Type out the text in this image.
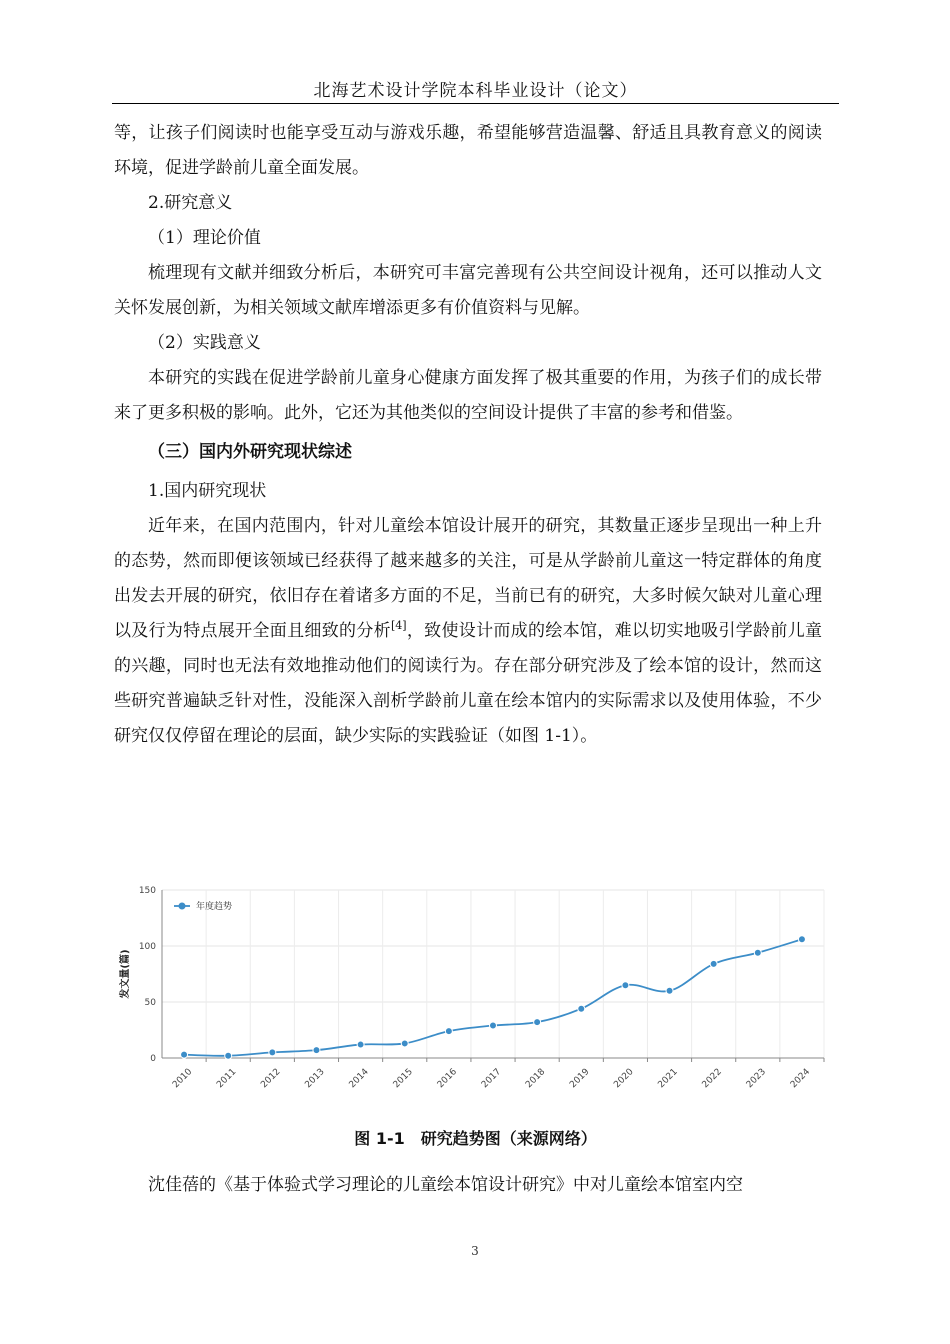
北海艺术设计学院本科毕业设计（论文）

等，让孩子们阅读时也能享受互动与游戏乐趣，希望能够营造温馨、舒适且具教育意义的阅读环境，促进学龄前儿童全面发展。

2.研究意义

（1）理论价值

梳理现有文献并细致分析后，本研究可丰富完善现有公共空间设计视角，还可以推动人文关怀发展创新，为相关领域文献库增添更多有价值资料与见解。

（2）实践意义

本研究的实践在促进学龄前儿童身心健康方面发挥了极其重要的作用，为孩子们的成长带来了更多积极的影响。此外，它还为其他类似的空间设计提供了丰富的参考和借鉴。

（三）国内外研究现状综述

1.国内研究现状

近年来，在国内范围内，针对儿童绘本馆设计展开的研究，其数量正逐步呈现出一种上升的态势，然而即便该领域已经获得了越来越多的关注，可是从学龄前儿童这一特定群体的角度出发去开展的研究，依旧存在着诸多方面的不足，当前已有的研究，大多时候欠缺对儿童心理以及行为特点展开全面且细致的分析[4]，致使设计而成的绘本馆，难以切实地吸引学龄前儿童的兴趣，同时也无法有效地推动他们的阅读行为。存在部分研究涉及了绘本馆的设计，然而这些研究普遍缺乏针对性，没能深入剖析学龄前儿童在绘本馆内的实际需求以及使用体验，不少研究仅仅停留在理论的层面，缺少实际的实践验证（如图 1-1）。

0
50
100
150
2010 2011 2012 2013 2014 2015 2016 2017 2018 2019 2020 2021 2022 2023 2024
发文量(篇)
年度趋势
图 1-1　研究趋势图（来源网络）
沈佳蓓的《基于体验式学习理论的儿童绘本馆设计研究》中对儿童绘本馆室内空
3
